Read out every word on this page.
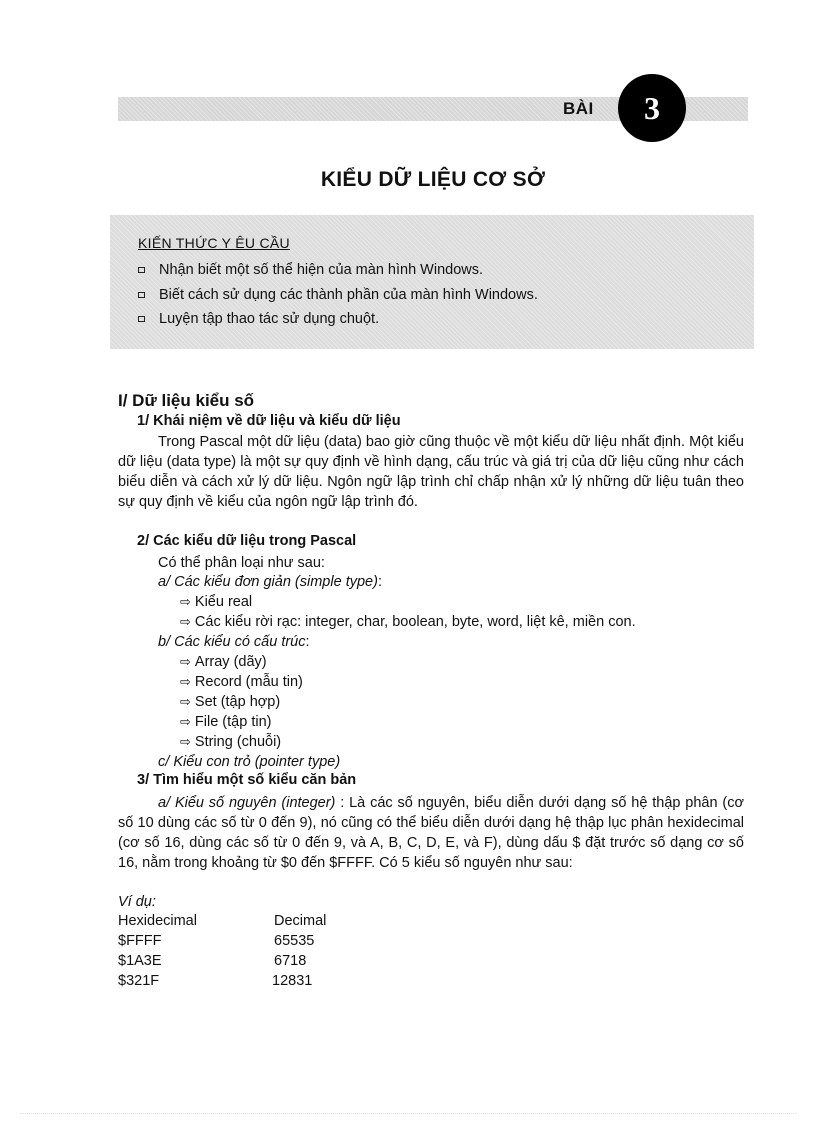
BÀI	3
KIỂU DỮ LIỆU CƠ SỞ
KIẾN THỨC Y ÊU CẦU
Nhận biết một số thể hiện của màn hình Windows.
Biết cách sử dụng các thành phần của màn hình Windows.
Luyện tập thao tác sử dụng chuột.
I/ Dữ liệu kiểu số
1/ Khái niệm về dữ liệu và kiểu dữ liệu
Trong Pascal một dữ liệu (data) bao giờ cũng thuộc về một kiểu dữ liệu nhất định. Một kiểu dữ liệu (data type) là một sự quy định về hình dạng, cấu trúc và giá trị của dữ liệu cũng như cách biểu diễn và cách xử lý dữ liệu. Ngôn ngữ lập trình chỉ chấp nhận xử lý những dữ liệu tuân theo sự quy định về kiểu của ngôn ngữ lập trình đó.
2/ Các kiểu dữ liệu trong Pascal
Có thể phân loại như sau:
a/ Các kiểu đơn giản (simple type):
⇨ Kiểu real
⇨ Các kiểu rời rạc: integer, char, boolean, byte, word, liệt kê, miền con.
b/ Các kiểu có cấu trúc:
⇨ Array (dãy)
⇨ Record (mẫu tin)
⇨ Set (tập hợp)
⇨ File (tập tin)
⇨ String (chuỗi)
c/ Kiểu con trỏ (pointer type)
3/ Tìm hiểu một số kiểu căn bản
a/ Kiểu số nguyên (integer) : Là các số nguyên, biểu diễn dưới dạng số hệ thập phân (cơ số 10 dùng các số từ 0 đến 9), nó cũng có thể biểu diễn dưới dạng hệ thập lục phân hexidecimal (cơ số 16, dùng các số từ 0 đến 9, và A, B, C, D, E, và F), dùng dấu $ đặt trước số dạng cơ số 16, nằm trong khoảng từ $0 đến $FFFF. Có 5 kiểu số nguyên như sau:
Ví dụ:
Hexidecimal	Decimal
$FFFF	65535
$1A3E	6718
$321F	12831
